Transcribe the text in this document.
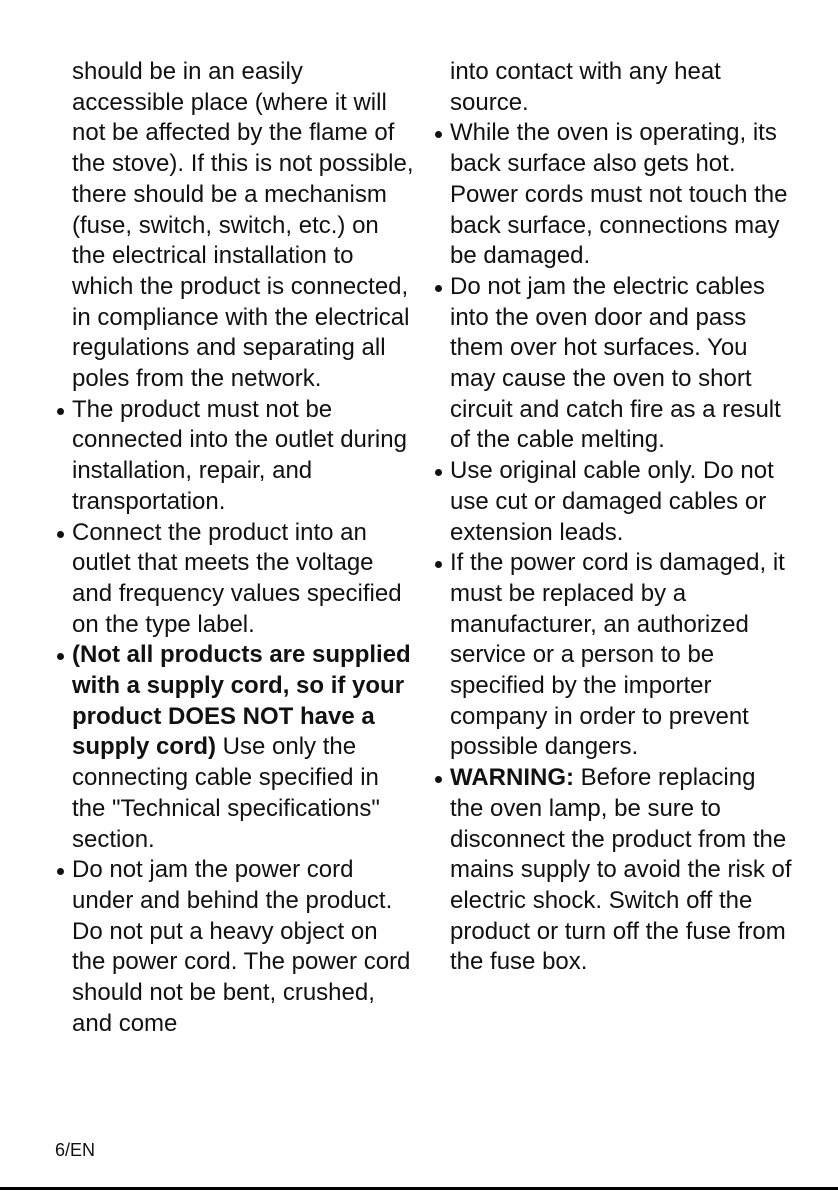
should be in an easily accessible place (where it will not be affected by the flame of the stove). If this is not possible, there should be a mechanism (fuse, switch, switch, etc.) on the electrical installation to which the product is connected, in compliance with the electrical regulations and separating all poles from the network.

The product must not be connected into the outlet during installation, repair, and transportation.
Connect the product into an outlet that meets the voltage and frequency values specified on the type label.
(Not all products are supplied with a supply cord, so if your product DOES NOT have a supply cord) Use only the connecting cable specified in the "Technical specifications" section.
Do not jam the power cord under and behind the product. Do not put a heavy object on the power cord. The power cord should not be bent, crushed, and come

into contact with any heat source.

While the oven is operating, its back surface also gets hot. Power cords must not touch the back surface, connections may be damaged.
Do not jam the electric cables into the oven door and pass them over hot surfaces. You may cause the oven to short circuit and catch fire as a result of the cable melting.
Use original cable only. Do not use cut or damaged cables or extension leads.
If the power cord is damaged, it must be replaced by a manufacturer, an authorized service or a person to be specified by the importer company in order to prevent possible dangers.
WARNING: Before replacing the oven lamp, be sure to disconnect the product from the mains supply to avoid the risk of electric shock. Switch off the product or turn off the fuse from the fuse box.
6/EN
